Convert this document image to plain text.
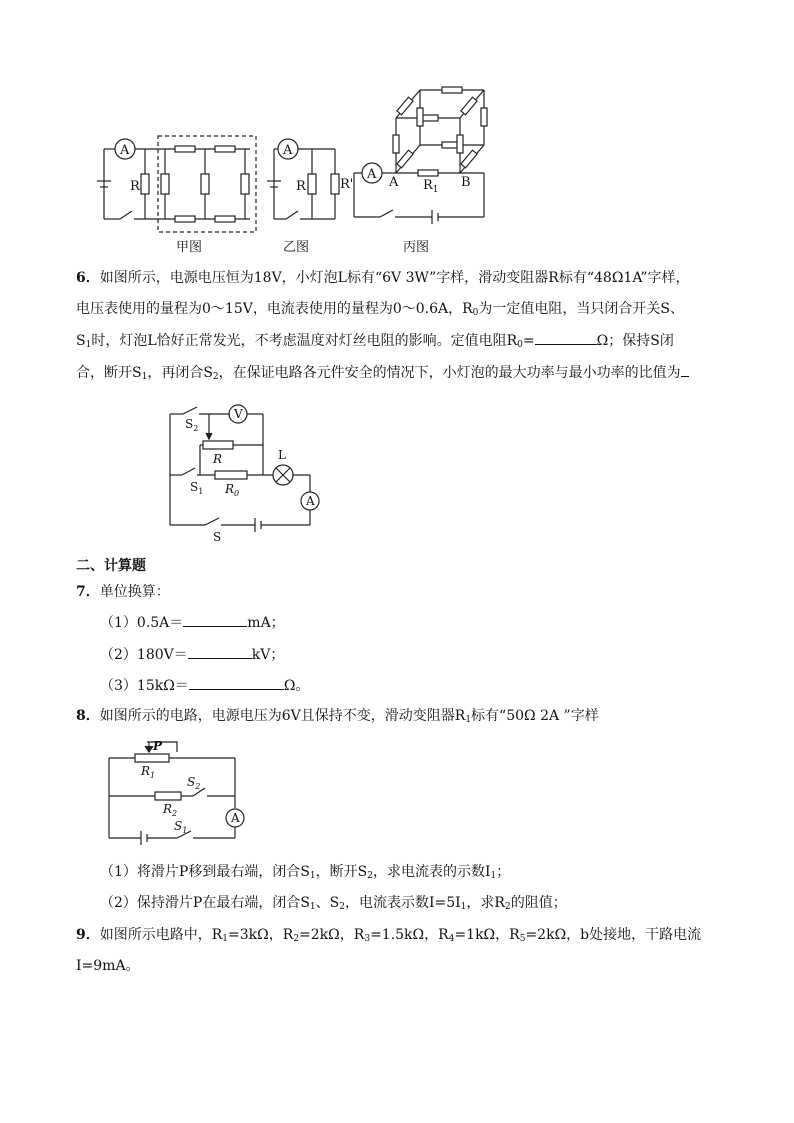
A
R
A
R	R'
A
A	B
$R_1$
甲图	乙图	丙图
6．如图所示，电源电压恒为18V，小灯泡L标有“6V 3W”字样，滑动变阻器R标有“48Ω1A”字样，
电压表使用的量程为0～15V，电流表使用的量程为0～0.6A，$R_0$为一定值电阻，当只闭合开关S、
$S_1$时，灯泡L恰好正常发光，不考虑温度对灯丝电阻的影响。定值电阻$R_0=$	Ω；保持S闭
合，断开$S_1$，再闭合$S_2$，在保证电路各元件安全的情况下，小灯泡的最大功率与最小功率的比值为
$S_2$
V
R	L
$S_1$ $R_0$
A
S
二、计算题
7．单位换算：
（1）0.5A＝	mA；
（2）180V＝	kV；
（3）15kΩ＝	Ω。
8．如图所示的电路，电源电压为6V且保持不变，滑动变阻器$R_1$标有“50Ω 2A ”字样
P
$R_1$	$S_2$
$R_2$
$S_1$
A
（1）将滑片P移到最右端，闭合$S_1$，断开$S_2$，求电流表的示数$I_1$；
（2）保持滑片P在最右端，闭合$S_1$、$S_2$，电流表示数$I=5I_1$，求$R_2$的阻值；
9．如图所示电路中，$R_1=3k\Omega$，$R_2=2k\Omega$，$R_3=1.5k\Omega$，$R_4=1k\Omega$，$R_5=2k\Omega$，b处接地，干路电流
I=9mA。
